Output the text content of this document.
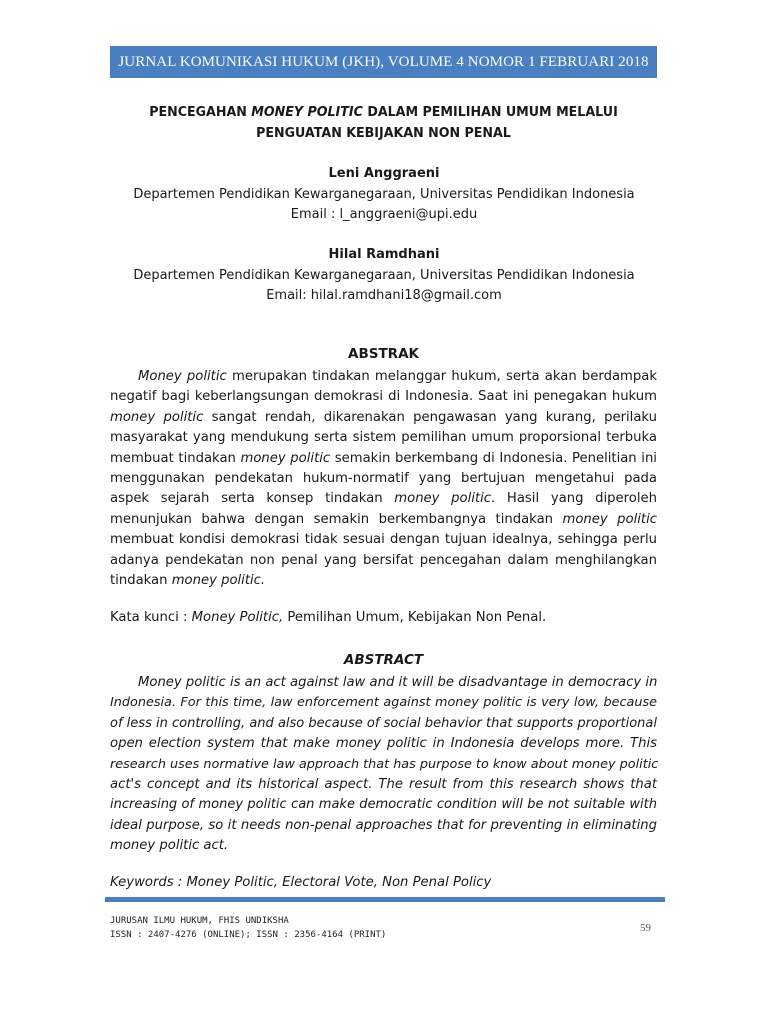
JURNAL KOMUNIKASI HUKUM (JKH), VOLUME 4 NOMOR 1 FEBRUARI 2018
PENCEGAHAN MONEY POLITIC DALAM PEMILIHAN UMUM MELALUI
PENGUATAN KEBIJAKAN NON PENAL
Leni Anggraeni
Departemen Pendidikan Kewarganegaraan, Universitas Pendidikan Indonesia
Email : l_anggraeni@upi.edu
Hilal Ramdhani
Departemen Pendidikan Kewarganegaraan, Universitas Pendidikan Indonesia
Email: hilal.ramdhani18@gmail.com
ABSTRAK
Money politic merupakan tindakan melanggar hukum, serta akan berdampak
negatif bagi keberlangsungan demokrasi di Indonesia. Saat ini penegakan hukum
money politic sangat rendah, dikarenakan pengawasan yang kurang, perilaku
masyarakat yang mendukung serta sistem pemilihan umum proporsional terbuka
membuat tindakan money politic semakin berkembang di Indonesia. Penelitian ini
menggunakan pendekatan hukum-normatif yang bertujuan mengetahui pada
aspek sejarah serta konsep tindakan money politic. Hasil yang diperoleh
menunjukan bahwa dengan semakin berkembangnya tindakan money politic
membuat kondisi demokrasi tidak sesuai dengan tujuan idealnya, sehingga perlu
adanya pendekatan non penal yang bersifat pencegahan dalam menghilangkan
tindakan money politic.
Kata kunci : Money Politic, Pemilihan Umum, Kebijakan Non Penal.
ABSTRACT
Money politic is an act against law and it will be disadvantage in democracy in
Indonesia. For this time, law enforcement against money politic is very low, because
of less in controlling, and also because of social behavior that supports proportional
open election system that make money politic in Indonesia develops more. This
research uses normative law approach that has purpose to know about money politic
act's concept and its historical aspect. The result from this research shows that
increasing of money politic can make democratic condition will be not suitable with
ideal purpose, so it needs non-penal approaches that for preventing in eliminating
money politic act.
Keywords : Money Politic, Electoral Vote, Non Penal Policy
JURUSAN ILMU HUKUM, FHIS UNDIKSHA
ISSN : 2407-4276 (ONLINE); ISSN : 2356-4164 (PRINT)
59
